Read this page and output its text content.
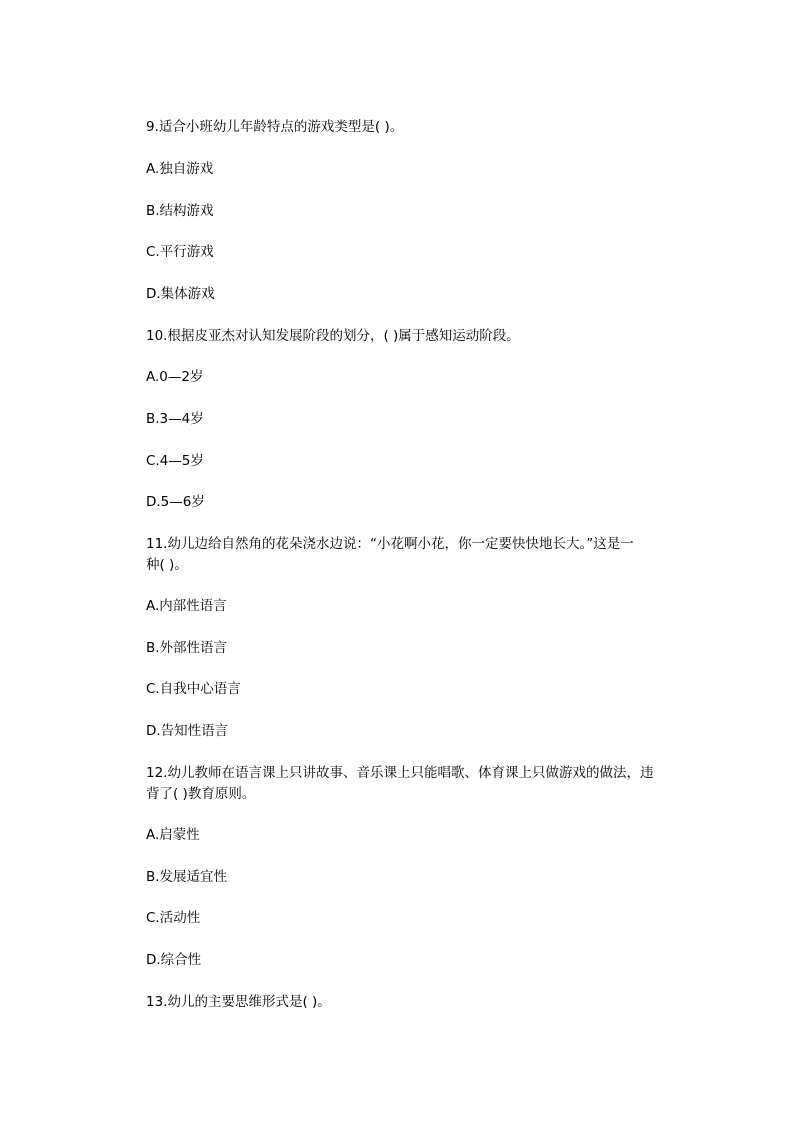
9.适合小班幼儿年龄特点的游戏类型是( )。
A.独自游戏
B.结构游戏
C.平行游戏
D.集体游戏
10.根据皮亚杰对认知发展阶段的划分，( )属于感知运动阶段。
A.0—2岁
B.3—4岁
C.4—5岁
D.5—6岁
11.幼儿边给自然角的花朵浇水边说：“小花啊小花，你一定要快快地长大。”这是一
种( )。
A.内部性语言
B.外部性语言
C.自我中心语言
D.告知性语言
12.幼儿教师在语言课上只讲故事、音乐课上只能唱歌、体育课上只做游戏的做法，违
背了( )教育原则。
A.启蒙性
B.发展适宜性
C.活动性
D.综合性
13.幼儿的主要思维形式是( )。
